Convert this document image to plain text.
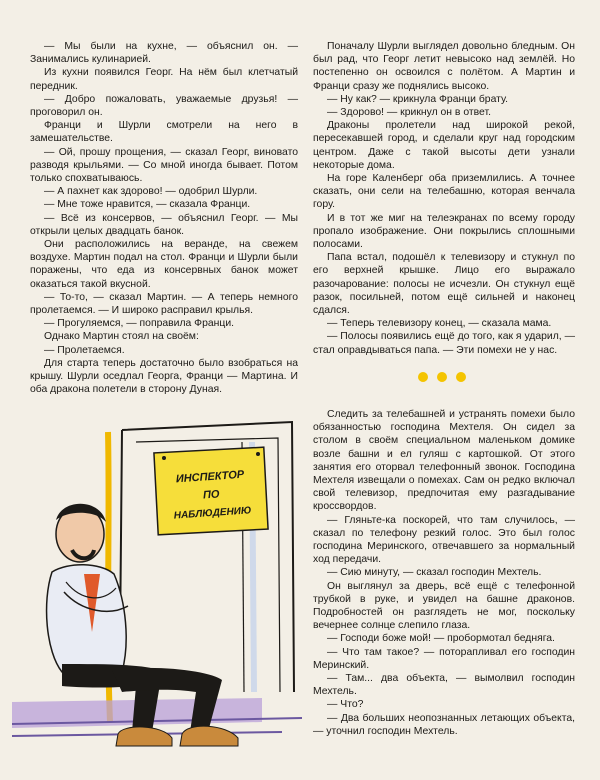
— Мы были на кухне, — объяснил он. — Занимались кулинарией.

Из кухни появился Георг. На нём был клетчатый передник.

— Добро пожаловать, уважаемые друзья! — проговорил он.

Франци и Шурли смотрели на него в замешательстве.

— Ой, прошу прощения, — сказал Георг, виновато разводя крыльями. — Со мной иногда бывает. Потом только спохватываюсь.

— А пахнет как здорово! — одобрил Шурли.

— Мне тоже нравится, — сказала Франци.

— Всё из консервов, — объяснил Георг. — Мы открыли целых двадцать банок.

Они расположились на веранде, на свежем воздухе. Мартин подал на стол. Франци и Шурли были поражены, что еда из консервных банок может оказаться такой вкусной.

— То-то, — сказал Мартин. — А теперь немного пролетаемся. — И широко расправил крылья.

— Прогуляемся, — поправила Франци.

Однако Мартин стоял на своём:

— Пролетаемся.

Для старта теперь достаточно было взобраться на крышу. Шурли оседлал Георга, Франци — Мартина. И оба дракона полетели в сторону Дуная.

Поначалу Шурли выглядел довольно бледным. Он был рад, что Георг летит невысоко над землёй. Но постепенно он освоился с полётом. А Мартин и Франци сразу же поднялись высоко.

— Ну как? — крикнула Франци брату.

— Здорово! — крикнул он в ответ.

Драконы пролетели над широкой рекой, пересекавшей город, и сделали круг над городским центром. Даже с такой высоты дети узнали некоторые дома.

На горе Каленберг оба приземлились. А точнее сказать, они сели на телебашню, которая венчала гору.

И в тот же миг на телеэкранах по всему городу пропало изображение. Они покрылись сплошными полосами.

Папа встал, подошёл к телевизору и стукнул по его верхней крышке. Лицо его выражало разочарование: полосы не исчезли. Он стукнул ещё разок, посильней, потом ещё сильней и наконец сдался.

— Теперь телевизору конец, — сказала мама.

— Полосы появились ещё до того, как я ударил, — стал оправдываться папа. — Эти помехи не у нас.

Следить за телебашней и устранять помехи было обязанностью господина Мехтеля. Он сидел за столом в своём специальном маленьком домике возле башни и ел гуляш с картошкой. От этого занятия его оторвал телефонный звонок. Господина Мехтеля извещали о помехах. Сам он редко включал свой телевизор, предпочитая ему разгадывание кроссвордов.

— Гляньте-ка поскорей, что там случилось, — сказал по телефону резкий голос. Это был голос господина Меринского, отвечавшего за нормальный ход передачи.

— Сию минуту, — сказал господин Мехтель.

Он выглянул за дверь, всё ещё с телефонной трубкой в руке, и увидел на башне драконов. Подробностей он разглядеть не мог, поскольку вечернее солнце слепило глаза.

— Господи боже мой! — пробормотал бедняга.

— Что там такое? — поторапливал его господин Меринский.

— Там... два объекта, — вымолвил господин Мехтель.

— Что?

— Два больших неопознанных летающих объекта, — уточнил господин Мехтель.

ИНСПЕКТОР
ПО
НАБЛЮДЕНИЮ
